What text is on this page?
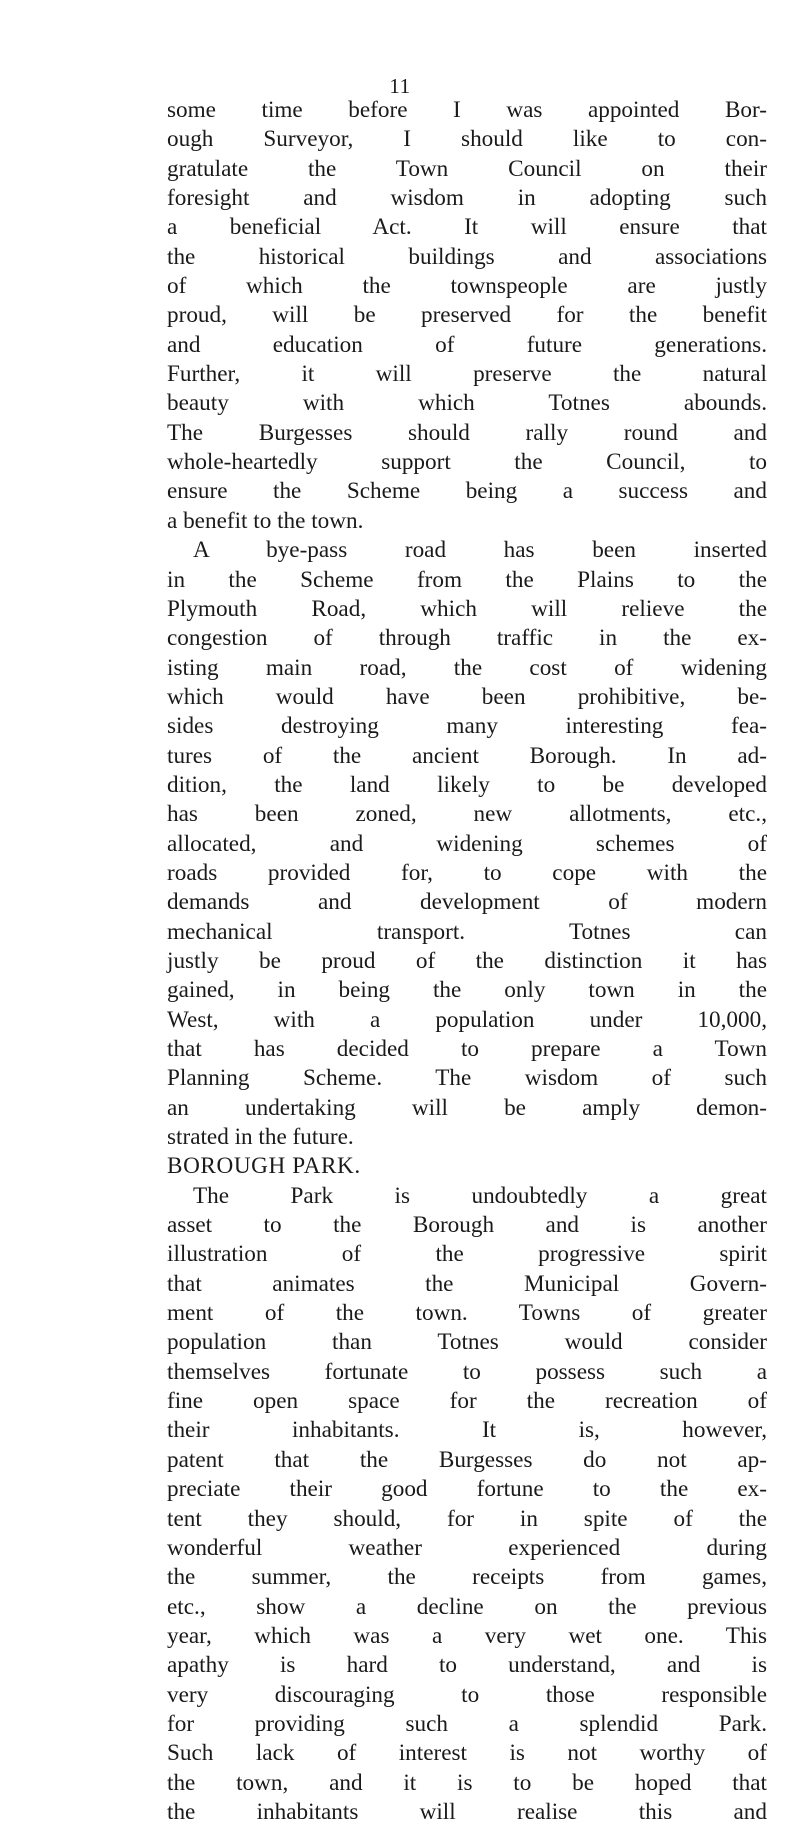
11
some time before I was appointed Bor-
ough Surveyor, I should like to con-
gratulate the Town Council on their
foresight and wisdom in adopting such
a beneficial Act. It will ensure that
the historical buildings and associations
of which the townspeople are justly
proud, will be preserved for the benefit
and education of future generations.
Further, it will preserve the natural
beauty with which Totnes abounds.
The Burgesses should rally round and
whole-heartedly support the Council, to
ensure the Scheme being a success and
a benefit to the town.
A bye-pass road has been inserted
in the Scheme from the Plains to the
Plymouth Road, which will relieve the
congestion of through traffic in the ex-
isting main road, the cost of widening
which would have been prohibitive, be-
sides destroying many interesting fea-
tures of the ancient Borough. In ad-
dition, the land likely to be developed
has been zoned, new allotments, etc.,
allocated, and widening schemes of
roads provided for, to cope with the
demands and development of modern
mechanical transport. Totnes can
justly be proud of the distinction it has
gained, in being the only town in the
West, with a population under 10,000,
that has decided to prepare a Town
Planning Scheme. The wisdom of such
an undertaking will be amply demon-
strated in the future.
BOROUGH PARK.
The Park is undoubtedly a great
asset to the Borough and is another
illustration of the progressive spirit
that animates the Municipal Govern-
ment of the town. Towns of greater
population than Totnes would consider
themselves fortunate to possess such a
fine open space for the recreation of
their inhabitants. It is, however,
patent that the Burgesses do not ap-
preciate their good fortune to the ex-
tent they should, for in spite of the
wonderful weather experienced during
the summer, the receipts from games,
etc., show a decline on the previous
year, which was a very wet one. This
apathy is hard to understand, and is
very discouraging to those responsible
for providing such a splendid Park.
Such lack of interest is not worthy of
the town, and it is to be hoped that
the inhabitants will realise this and
